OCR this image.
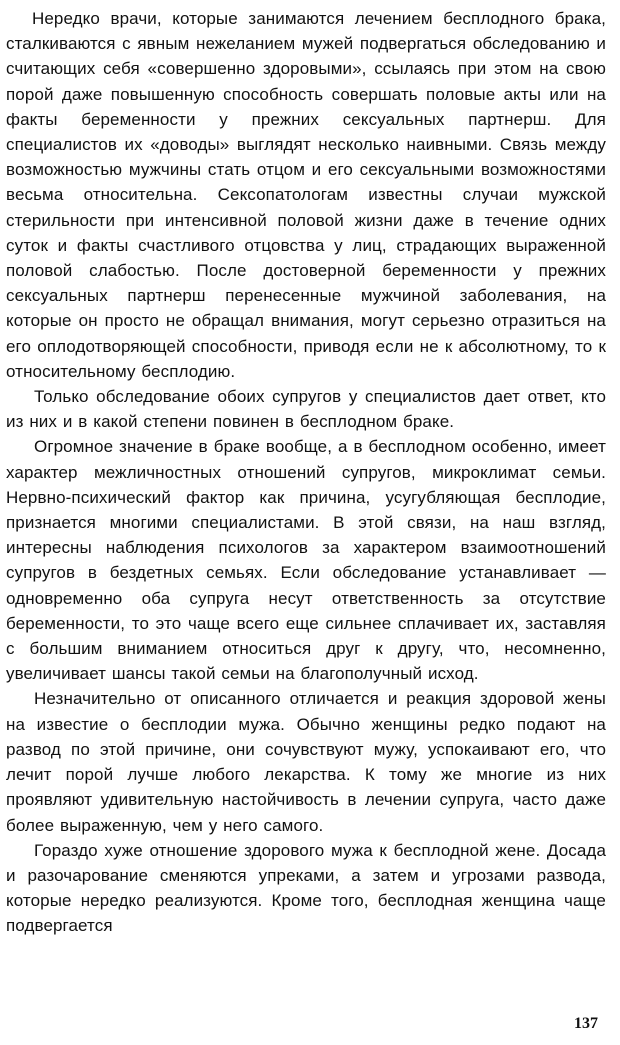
Нередко врачи, которые занимаются лечением бесплодного брака, сталкиваются с явным нежеланием мужей подвергаться обследованию и считающих себя «совершенно здоровыми», ссылаясь при этом на свою порой даже повышенную способность совершать половые акты или на факты беременности у прежних сексуальных партнерш. Для специалистов их «доводы» выглядят несколько наивными. Связь между возможностью мужчины стать отцом и его сексуальными возможностями весьма относительна. Сексопатологам известны случаи мужской стерильности при интенсивной половой жизни даже в течение одних суток и факты счастливого отцовства у лиц, страдающих выраженной половой слабостью. После достоверной беременности у прежних сексуальных партнерш перенесенные мужчиной заболевания, на которые он просто не обращал внимания, могут серьезно отразиться на его оплодотворяющей способности, приводя если не к абсолютному, то к относительному бесплодию.

Только обследование обоих супругов у специалистов дает ответ, кто из них и в какой степени повинен в бесплодном браке.

Огромное значение в браке вообще, а в бесплодном особенно, имеет характер межличностных отношений супругов, микроклимат семьи. Нервно-психический фактор как причина, усугубляющая бесплодие, признается многими специалистами. В этой связи, на наш взгляд, интересны наблюдения психологов за характером взаимоотношений супругов в бездетных семьях. Если обследование устанавливает — одновременно оба супруга несут ответственность за отсутствие беременности, то это чаще всего еще сильнее сплачивает их, заставляя с большим вниманием относиться друг к другу, что, несомненно, увеличивает шансы такой семьи на благополучный исход.

Незначительно от описанного отличается и реакция здоровой жены на известие о бесплодии мужа. Обычно женщины редко подают на развод по этой причине, они сочувствуют мужу, успокаивают его, что лечит порой лучше любого лекарства. К тому же многие из них проявляют удивительную настойчивость в лечении супруга, часто даже более выраженную, чем у него самого.

Гораздо хуже отношение здорового мужа к бесплодной жене. Досада и разочарование сменяются упреками, а затем и угрозами развода, которые нередко реализуются. Кроме того, бесплодная женщина чаще подвергается

137
